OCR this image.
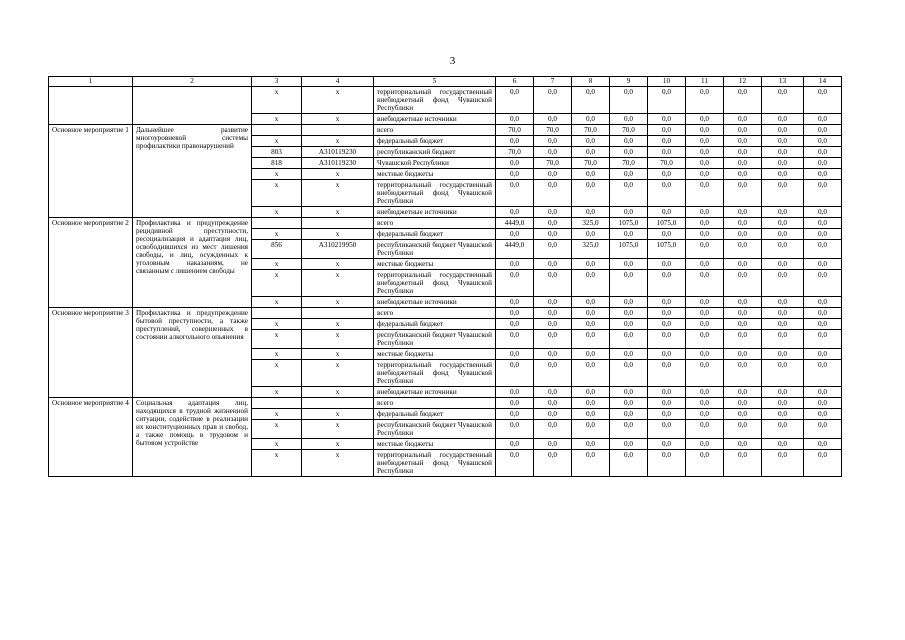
3
1	2	3	4	5	6	7	8	9	10	11	12	13	14
		x	x	территориальный государственный внебюджетный фонд Чувашской Республики	0,0	0,0	0,0	0,0	0,0	0,0	0,0	0,0	0,0
		x	x	внебюджетные источники	0,0	0,0	0,0	0,0	0,0	0,0	0,0	0,0	0,0
Основное мероприятие 1	Дальнейшее развитие многоуровневой системы профилактики правонарушений			всего	70,0	70,0	70,0	70,0	0,0	0,0	0,0	0,0	0,0
		x	x	федеральный бюджет	0,0	0,0	0,0	0,0	0,0	0,0	0,0	0,0	0,0
		803	А310119230	республиканский бюджет	70,0	0,0	0,0	0,0	0,0	0,0	0,0	0,0	0,0
		818	А310119230	Чувашской Республики	0,0	70,0	70,0	70,0	70,0	0,0	0,0	0,0	0,0
		x	x	местные бюджеты	0,0	0,0	0,0	0,0	0,0	0,0	0,0	0,0	0,0
		x	x	территориальный государственный внебюджетный фонд Чувашской Республики	0,0	0,0	0,0	0,0	0,0	0,0	0,0	0,0	0,0
		x	x	внебюджетные источники	0,0	0,0	0,0	0,0	0,0	0,0	0,0	0,0	0,0
Основное мероприятие 2	Профилактика и предупреждение рецидивной преступности, ресоциализация и адаптация лиц, освободившихся из мест лишения свободы, и лиц, осужденных к уголовным наказаниям, не связанным с лишением свободы			всего	4449,0	0,0	325,0	1075,0	1075,0	0,0	0,0	0,0	0,0
		x	x	федеральный бюджет	0,0	0,0	0,0	0,0	0,0	0,0	0,0	0,0	0,0
		856	А310219950	республиканский бюджет Чувашской Республики	4449,0	0,0	325,0	1075,0	1075,0	0,0	0,0	0,0	0,0
		x	x	местные бюджеты	0,0	0,0	0,0	0,0	0,0	0,0	0,0	0,0	0,0
		x	x	территориальный государственный внебюджетный фонд Чувашской Республики	0,0	0,0	0,0	0,0	0,0	0,0	0,0	0,0	0,0
		x	x	внебюджетные источники	0,0	0,0	0,0	0,0	0,0	0,0	0,0	0,0	0,0
Основное мероприятие 3	Профилактика и предупреждение бытовой преступности, а также преступлений, совершенных в состоянии алкогольного опьянения			всего	0,0	0,0	0,0	0,0	0,0	0,0	0,0	0,0	0,0
		x	x	федеральный бюджет	0,0	0,0	0,0	0,0	0,0	0,0	0,0	0,0	0,0
		x	x	республиканский бюджет Чувашской Республики	0,0	0,0	0,0	0,0	0,0	0,0	0,0	0,0	0,0
		x	x	местные бюджеты	0,0	0,0	0,0	0,0	0,0	0,0	0,0	0,0	0,0
		x	x	территориальный государственный внебюджетный фонд Чувашской Республики	0,0	0,0	0,0	0,0	0,0	0,0	0,0	0,0	0,0
		x	x	внебюджетные источники	0,0	0,0	0,0	0,0	0,0	0,0	0,0	0,0	0,0
Основное мероприятие 4	Социальная адаптация лиц, находящихся в трудной жизненной ситуации, содействие в реализации их конституционных прав и свобод, а также помощь в трудовом и бытовом устройстве			всего	0,0	0,0	0,0	0,0	0,0	0,0	0,0	0,0	0,0
		x	x	федеральный бюджет	0,0	0,0	0,0	0,0	0,0	0,0	0,0	0,0	0,0
		x	x	республиканский бюджет Чувашской Республики	0,0	0,0	0,0	0,0	0,0	0,0	0,0	0,0	0,0
		x	x	местные бюджеты	0,0	0,0	0,0	0,0	0,0	0,0	0,0	0,0	0,0
		x	x	территориальный государственный внебюджетный фонд Чувашской Республики	0,0	0,0	0,0	0,0	0,0	0,0	0,0	0,0	0,0
